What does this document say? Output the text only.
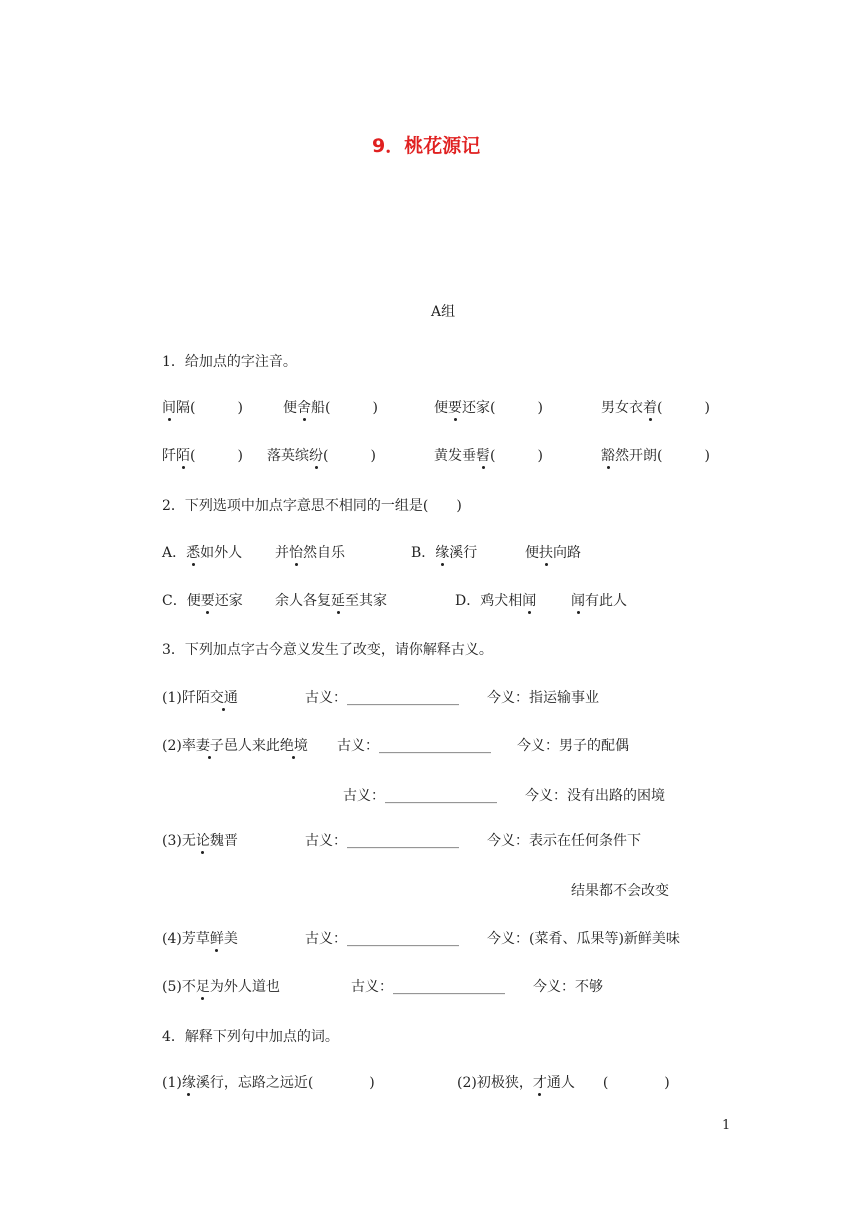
9．桃花源记
A组
1．给加点的字注音。
间隔(　　　)	便舍船(　　　)	便要还家(　　　)	男女衣着(　　　)
阡陌(　　　) 落英缤纷(　　　)	黄发垂髫(　　　)	豁然开朗(　　　)
2．下列选项中加点字意思不相同的一组是(　　)
A．悉如外人 并怡然自乐	B．缘溪行	便扶向路
C．便要还家 余人各复延至其家	D．鸡犬相闻 闻有此人
3．下列加点字古今意义发生了改变，请你解释古义。
(1)阡陌交通	古义：________________ 今义：指运输事业
(2)率妻子邑人来此绝境 古义：________________ 今义：男子的配偶
古义：________________ 今义：没有出路的困境
(3)无论魏晋	古义：________________ 今义：表示在任何条件下
结果都不会改变
(4)芳草鲜美	古义：________________ 今义：(菜肴、瓜果等)新鲜美味
(5)不足为外人道也	古义：________________ 今义：不够
4．解释下列句中加点的词。
(1)缘溪行，忘路之远近(　　　　)	(2)初极狭，才通人　　(　　　　)
1
